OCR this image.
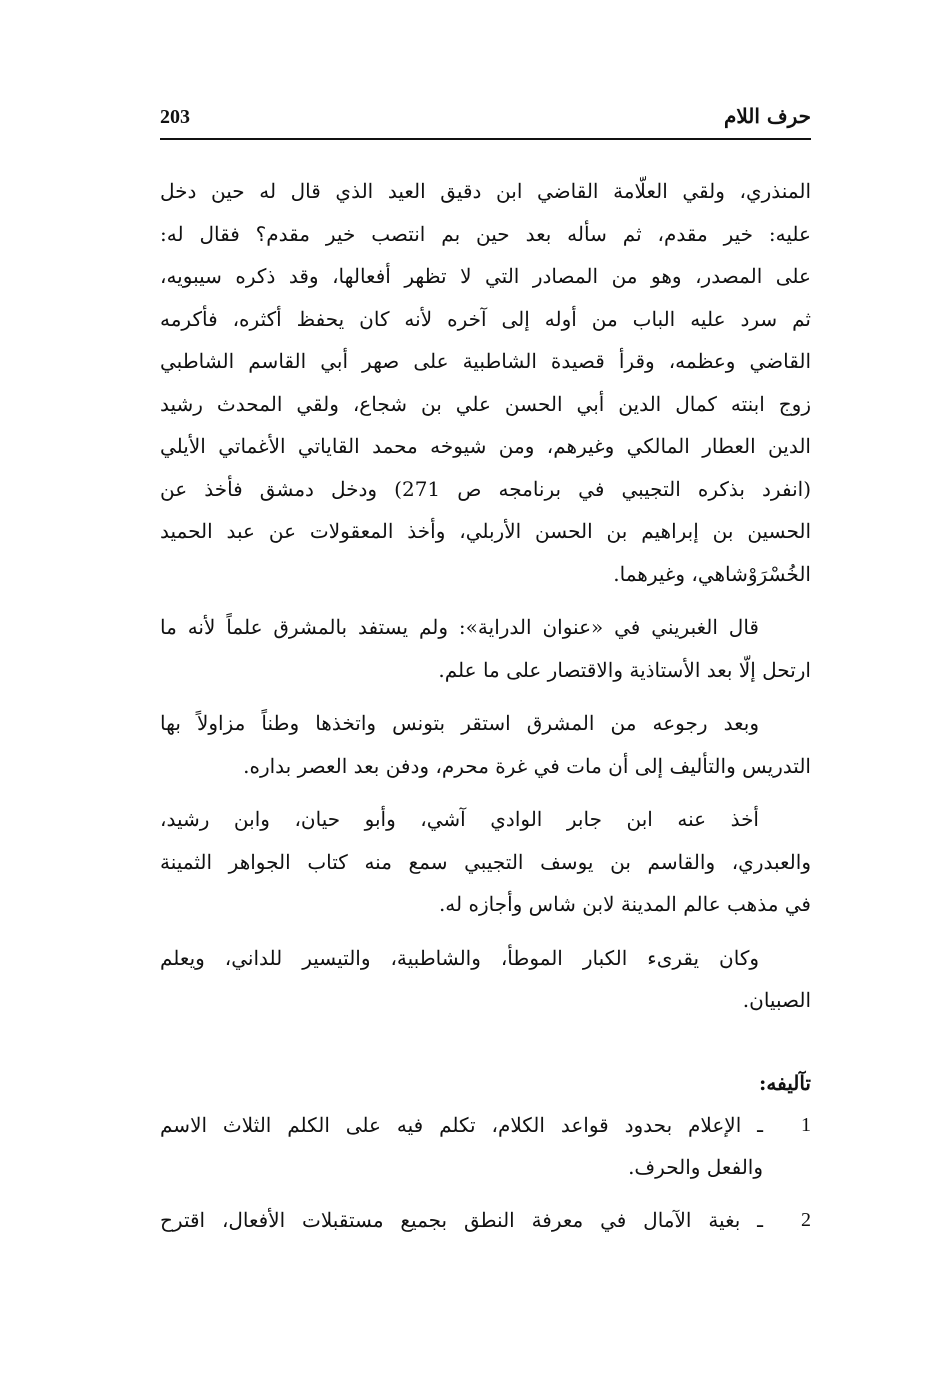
203	حرف اللام
المنذري، ولقي العلّامة القاضي ابن دقيق العيد الذي قال له حين دخل
عليه: خير مقدم، ثم سأله بعد حين بم انتصب خير مقدم؟ فقال له:
على المصدر، وهو من المصادر التي لا تظهر أفعالها، وقد ذكره سيبويه،
ثم سرد عليه الباب من أوله إلى آخره لأنه كان يحفظ أكثره، فأكرمه
القاضي وعظمه، وقرأ قصيدة الشاطبية على صهر أبي القاسم الشاطبي
زوج ابنته كمال الدين أبي الحسن علي بن شجاع، ولقي المحدث رشيد
الدين العطار المالكي وغيرهم، ومن شيوخه محمد القاياتي الأغماتي الأيلي
(انفرد بذكره التجيبي في برنامجه ص 271) ودخل دمشق فأخذ عن
الحسين بن إبراهيم بن الحسن الأربلي، وأخذ المعقولات عن عبد الحميد
الخُسْرَوْشاهي، وغيرهما.
قال الغبريني في «عنوان الدراية»: ولم يستفد بالمشرق علماً لأنه ما
ارتحل إلّا بعد الأستاذية والاقتصار على ما علم.
وبعد رجوعه من المشرق استقر بتونس واتخذها وطناً مزاولاً بها
التدريس والتأليف إلى أن مات في غرة محرم، ودفن بعد العصر بداره.
أخذ عنه ابن جابر الوادي آشي، وأبو حيان، وابن رشيد،
والعبدري، والقاسم بن يوسف التجيبي سمع منه كتاب الجواهر الثمينة
في مذهب عالم المدينة لابن شاس وأجازه له.
وكان يقرىء الكبار الموطأ، والشاطبية، والتيسير للداني، ويعلم
الصبيان.
تآليفه:
1
ـ الإعلام بحدود قواعد الكلام، تكلم فيه على الكلم الثلاث الاسم
والفعل والحرف.
2
ـ بغية الآمال في معرفة النطق بجميع مستقبلات الأفعال، اقترح
